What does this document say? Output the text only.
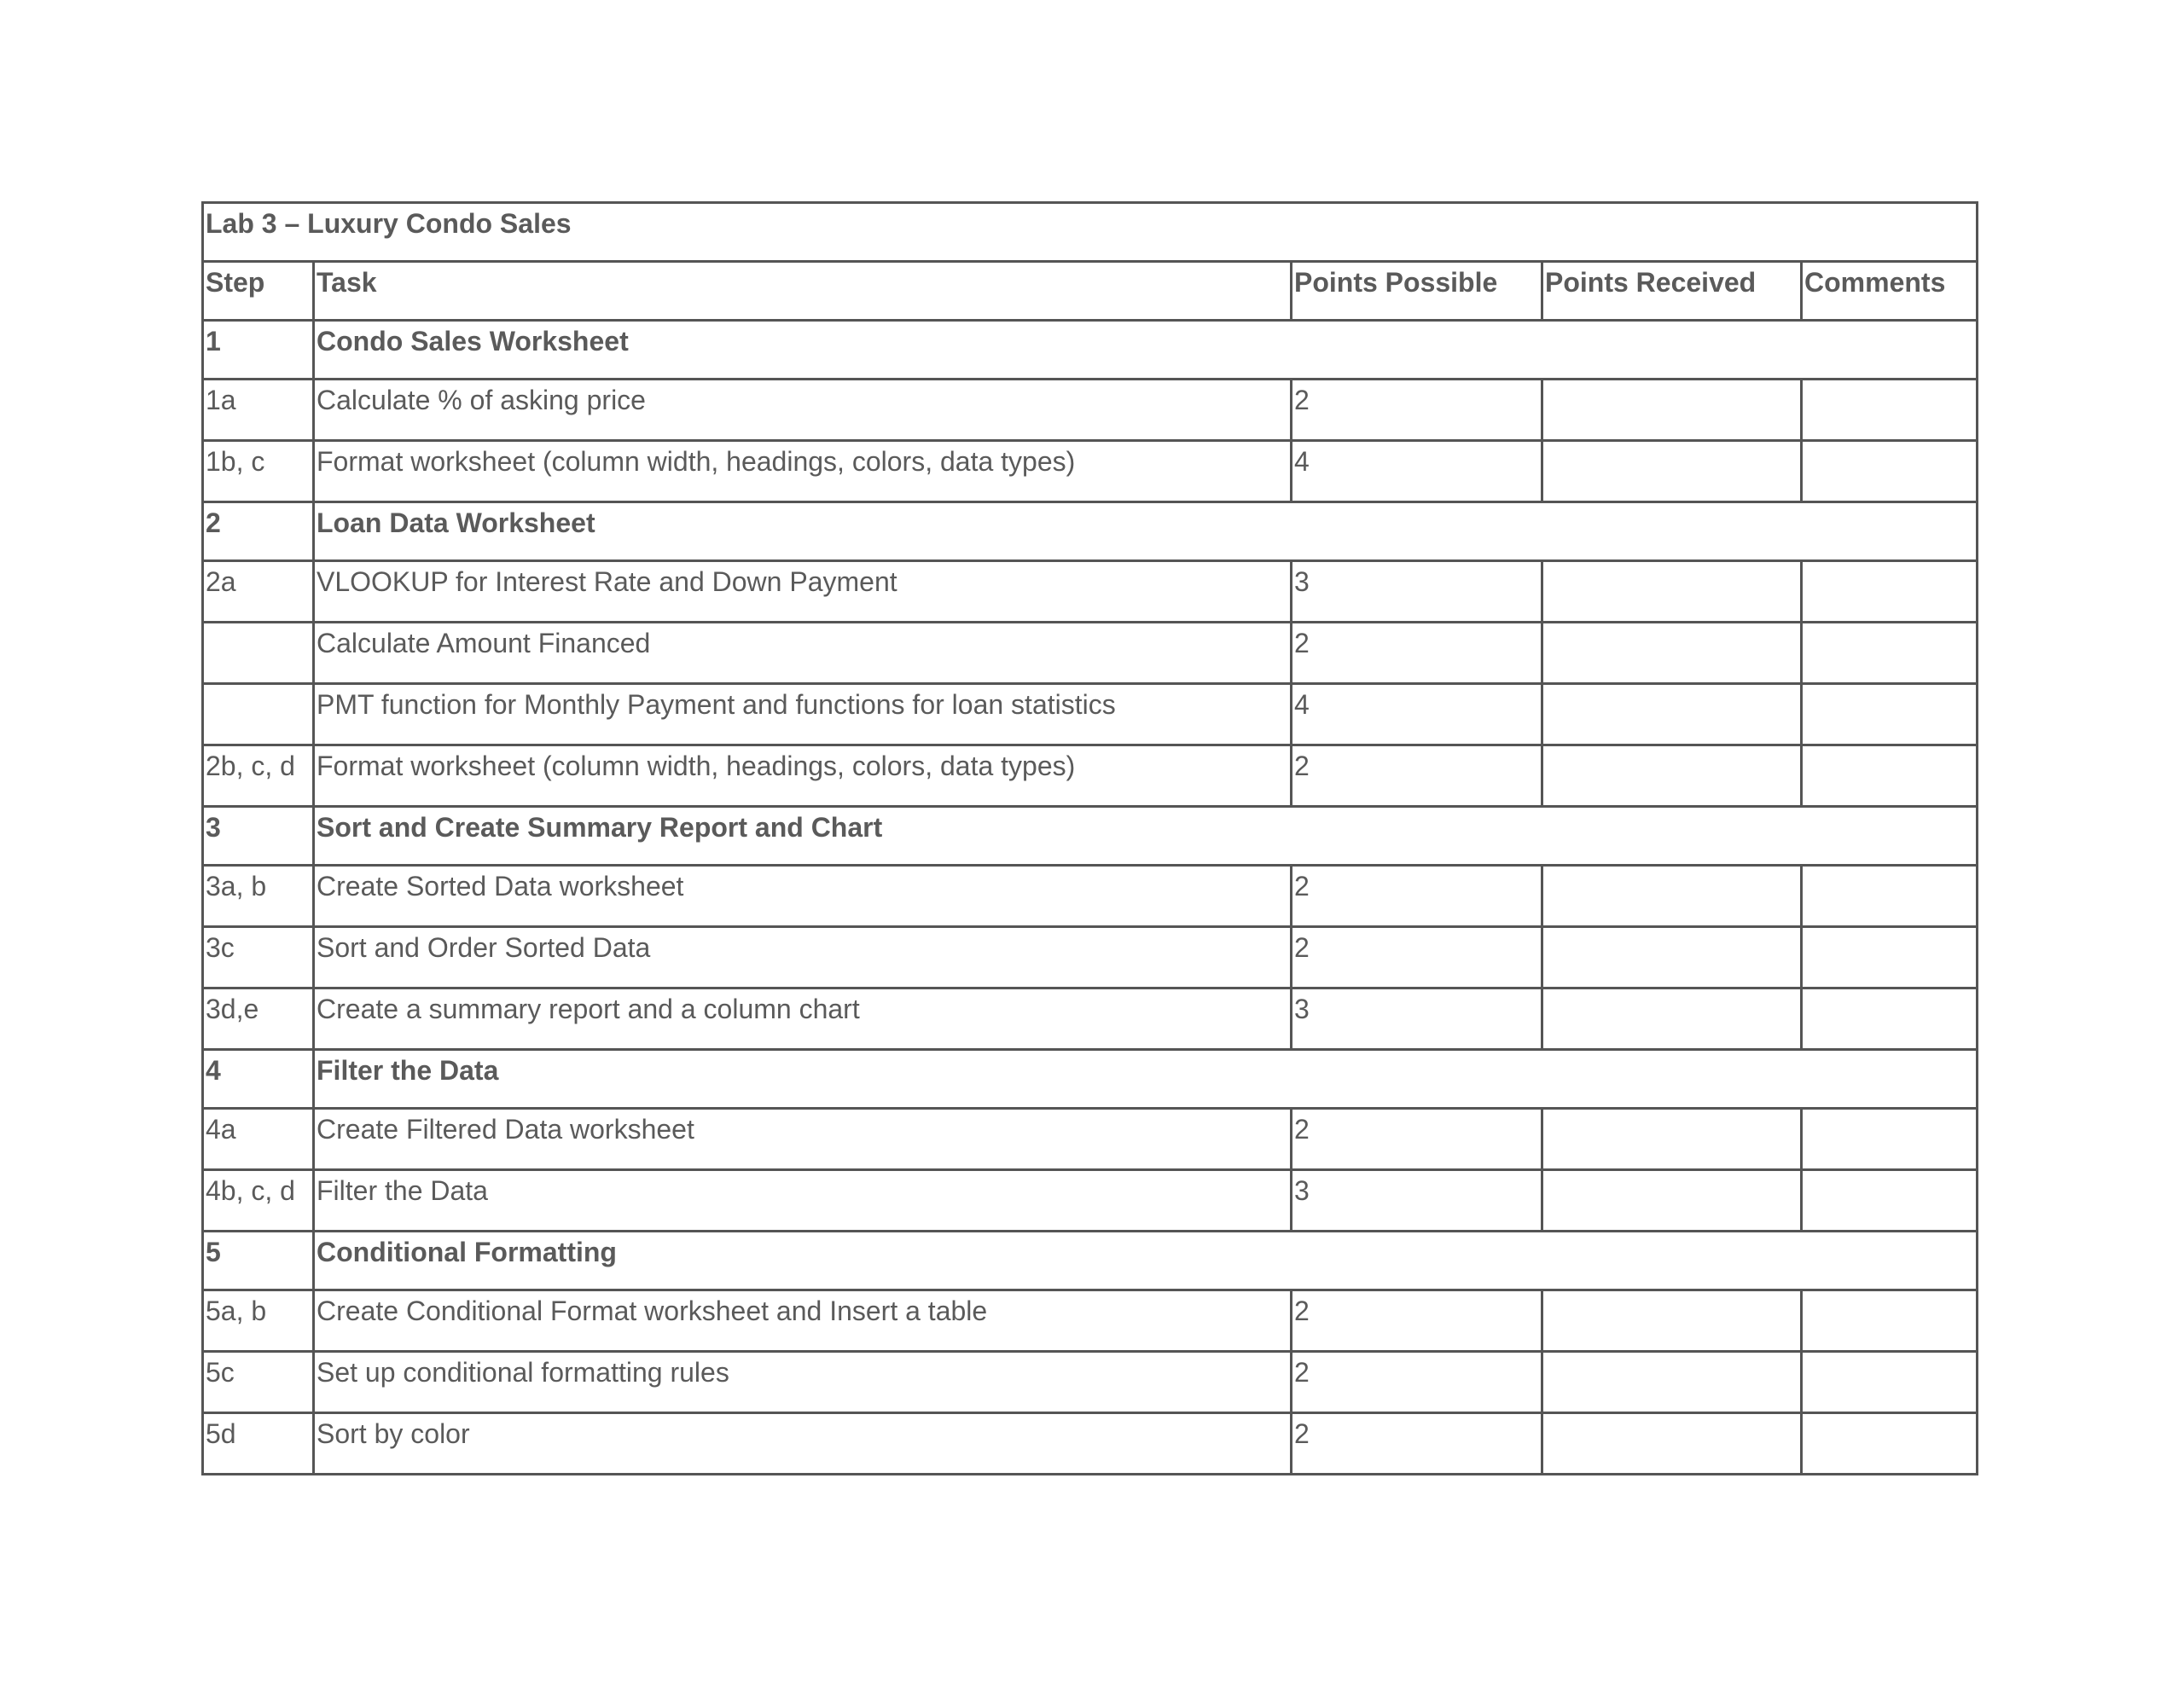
Lab 3 – Luxury Condo Sales				
Step	Task	Points Possible	Points Received	Comments
1	Condo Sales Worksheet			
1a	Calculate % of asking price	2		
1b, c	Format worksheet (column width, headings, colors, data types)	4		
2	Loan Data Worksheet			
2a	VLOOKUP for Interest Rate and Down Payment	3		
	Calculate Amount Financed	2		
	PMT function for Monthly Payment and functions for loan statistics	4		
2b, c, d	Format worksheet (column width, headings, colors, data types)	2		
3	Sort and Create Summary Report and Chart			
3a, b	Create Sorted Data worksheet	2		
3c	Sort and Order Sorted Data	2		
3d,e	Create a summary report and a column chart	3		
4	Filter the Data			
4a	Create Filtered Data worksheet	2		
4b, c, d	Filter the Data	3		
5	Conditional Formatting			
5a, b	Create Conditional Format worksheet and Insert a table	2		
5c	Set up conditional formatting rules	2		
5d	Sort by color	2		
